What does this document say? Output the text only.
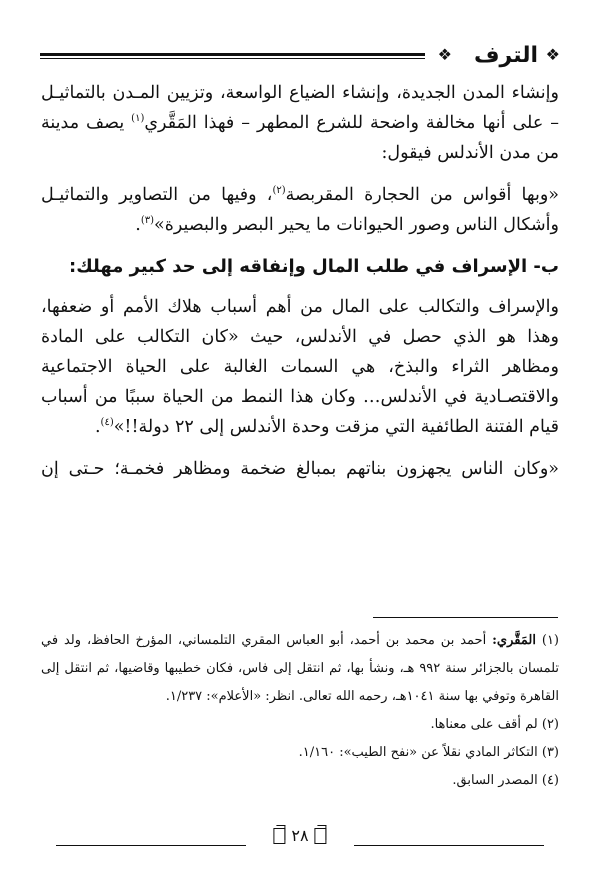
❖
الترف
❖

وإنشاء المدن الجديدة، وإنشاء الضياع الواسعة، وتزيين المـدن بالتماثيـل – على أنها مخالفة واضحة للشرع المطهر – فهذا المَقَّري$^{(١)}$ يصف مدينة من مدن الأندلس فيقول:

«وبها أقواس من الحجارة المقربصة$^{(٢)}$، وفيها من التصاوير والتماثيـل وأشكال الناس وصور الحيوانات ما يحير البصر والبصيرة»$^{(٣)}$.

ب- الإسراف في طلب المال وإنفاقه إلى حد كبير مهلك:

والإسراف والتكالب على المال من أهم أسباب هلاك الأمم أو ضعفها، وهذا هو الذي حصل في الأندلس، حيث «كان التكالب على المادة ومظاهر الثراء والبذخ، هي السمات الغالبة على الحياة الاجتماعية والاقتصـادية في الأندلس… وكان هذا النمط من الحياة سببًا من أسباب قيام الفتنة الطائفية التي مزقت وحدة الأندلس إلى ٢٢ دولة!!»$^{(٤)}$.

«وكان الناس يجهزون بناتهم بمبالغ ضخمة ومظاهر فخمـة؛ حـتى إن

(١) المَقَّري: أحمد بن محمد بن أحمد، أبو العباس المقري التلمساني، المؤرخ الحافظ، ولد في تلمسان بالجزائر سنة ٩٩٢ هـ، ونشأ بها، ثم انتقل إلى فاس، فكان خطيبها وقاضيها، ثم انتقل إلى القاهرة وتوفي بها سنة ١٠٤١هـ، رحمه الله تعالى. انظر: «الأعلام»: ١/٢٣٧.

(٢) لم أقف على معناها.

(٣) التكاثر المادي نقلاً عن «نفح الطيب»: ١/١٦٠.

(٤) المصدر السابق.

٢٨
